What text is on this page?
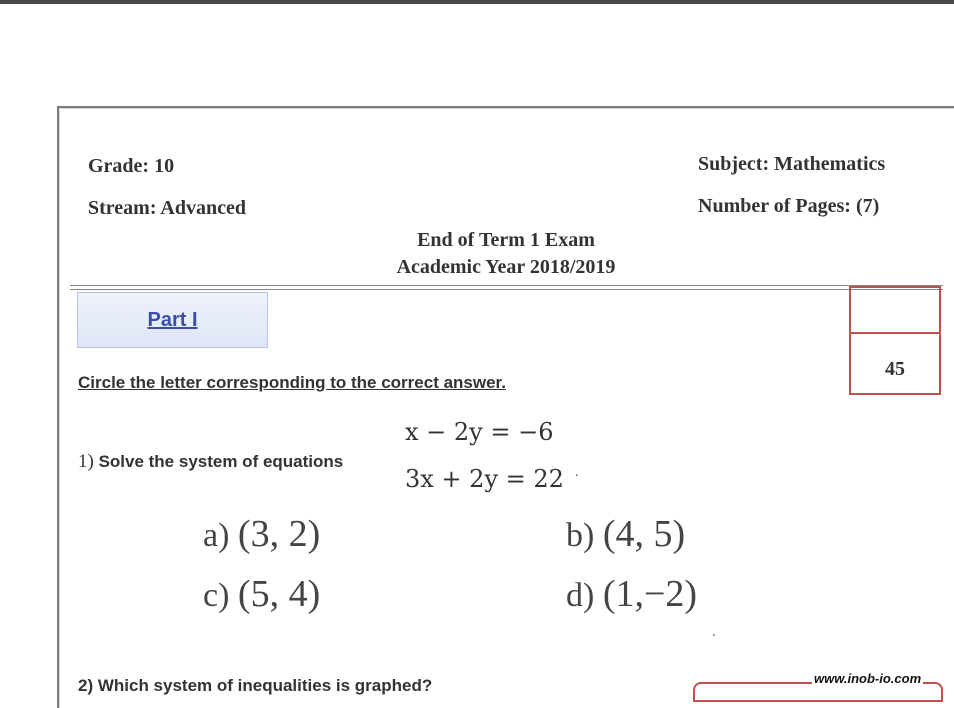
Grade: 10
Stream: Advanced
Subject: Mathematics
Number of Pages: (7)
End of Term 1 Exam
Academic Year 2018/2019
Part I
45
Circle the letter corresponding to the correct answer.
1) Solve the system of equations
x − 2y = −6
3x + 2y = 22 .
a) (3, 2)	b) (4, 5)
c) (5, 4)	d) (1,−2)
2) Which system of inequalities is graphed?	www.inob-io.com
